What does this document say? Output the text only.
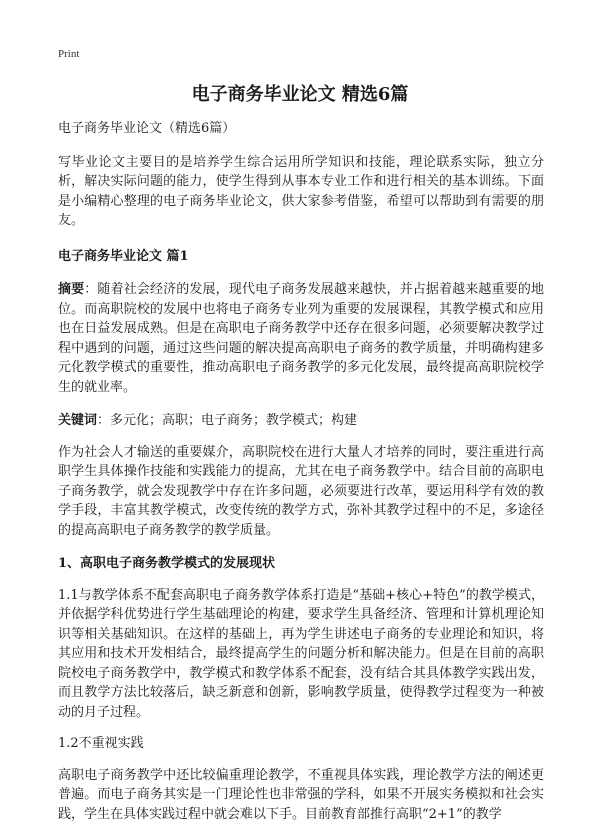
Print
电子商务毕业论文 精选6篇

电子商务毕业论文（精选6篇）

写毕业论文主要目的是培养学生综合运用所学知识和技能，理论联系实际，独立分析，解决实际问题的能力，使学生得到从事本专业工作和进行相关的基本训练。下面是小编精心整理的电子商务毕业论文，供大家参考借鉴，希望可以帮助到有需要的朋友。

电子商务毕业论文 篇1

摘要：随着社会经济的发展，现代电子商务发展越来越快，并占据着越来越重要的地位。而高职院校的发展中也将电子商务专业列为重要的发展课程，其教学模式和应用也在日益发展成熟。但是在高职电子商务教学中还存在很多问题，必须要解决教学过程中遇到的问题，通过这些问题的解决提高高职电子商务的教学质量，并明确构建多元化教学模式的重要性，推动高职电子商务教学的多元化发展，最终提高高职院校学生的就业率。

关键词：多元化；高职；电子商务；教学模式；构建

作为社会人才输送的重要媒介，高职院校在进行大量人才培养的同时，要注重进行高职学生具体操作技能和实践能力的提高，尤其在电子商务教学中。结合目前的高职电子商务教学，就会发现教学中存在许多问题，必须要进行改革，要运用科学有效的教学手段，丰富其教学模式，改变传统的教学方式，弥补其教学过程中的不足，多途径的提高高职电子商务教学的教学质量。

1、高职电子商务教学模式的发展现状

1.1与教学体系不配套高职电子商务教学体系打造是“基础+核心+特色”的教学模式，并依据学科优势进行学生基础理论的构建，要求学生具备经济、管理和计算机理论知识等相关基础知识。在这样的基础上，再为学生讲述电子商务的专业理论和知识，将其应用和技术开发相结合，最终提高学生的问题分析和解决能力。但是在目前的高职院校电子商务教学中，教学模式和教学体系不配套，没有结合其具体教学实践出发，而且教学方法比较落后，缺乏新意和创新，影响教学质量，使得教学过程变为一种被动的月子过程。

1.2不重视实践

高职电子商务教学中还比较偏重理论教学，不重视具体实践，理论教学方法的阐述更普遍。而电子商务其实是一门理论性也非常强的学科，如果不开展实务模拟和社会实践，学生在具体实践过程中就会难以下手。目前教育部推行高职“2+1”的教学
